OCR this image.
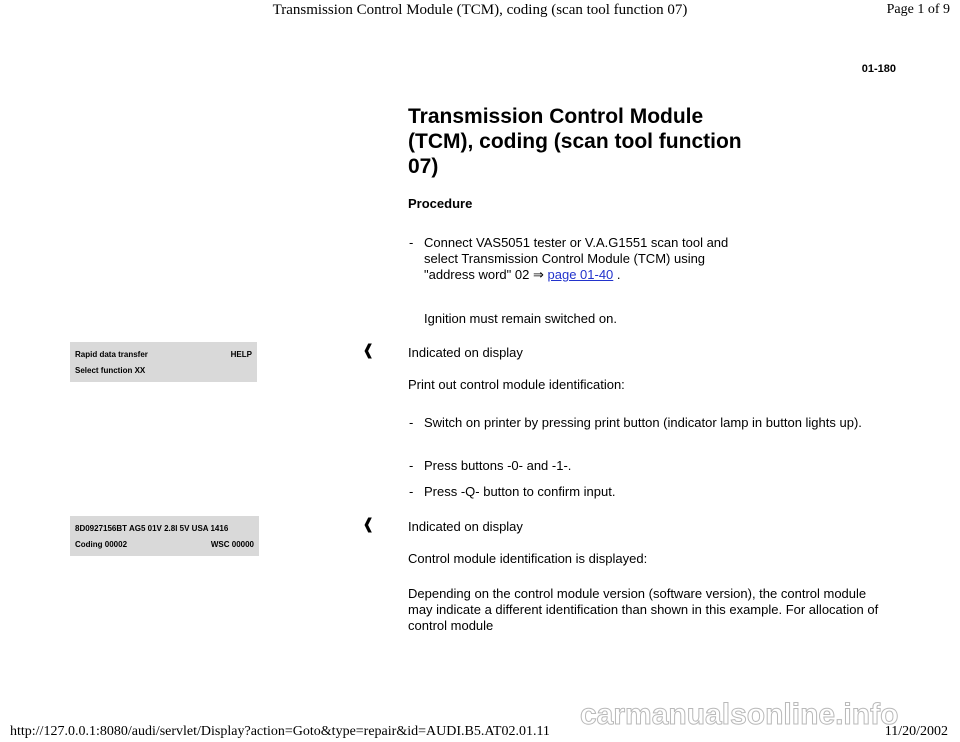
Transmission Control Module (TCM), coding (scan tool function 07)	Page 1 of 9
01-180
Transmission Control Module (TCM), coding (scan tool function 07)
Procedure
- Connect VAS5051 tester or V.A.G1551 scan tool and select Transmission Control Module (TCM) using "address word" 02 ⇒ page 01-40 .
Ignition must remain switched on.
Rapid data transfer	HELP
Select function XX
❰	Indicated on display
Print out control module identification:
- Switch on printer by pressing print button (indicator lamp in button lights up).
- Press buttons -0- and -1-.
- Press -Q- button to confirm input.
8D0927156BT AG5 01V 2.8l 5V USA 1416
Coding 00002	WSC 00000
❰	Indicated on display
Control module identification is displayed:
Depending on the control module version (software version), the control module may indicate a different identification than shown in this example. For allocation of control module
carmanualsonline.info
http://127.0.0.1:8080/audi/servlet/Display?action=Goto&type=repair&id=AUDI.B5.AT02.01.11	11/20/2002
